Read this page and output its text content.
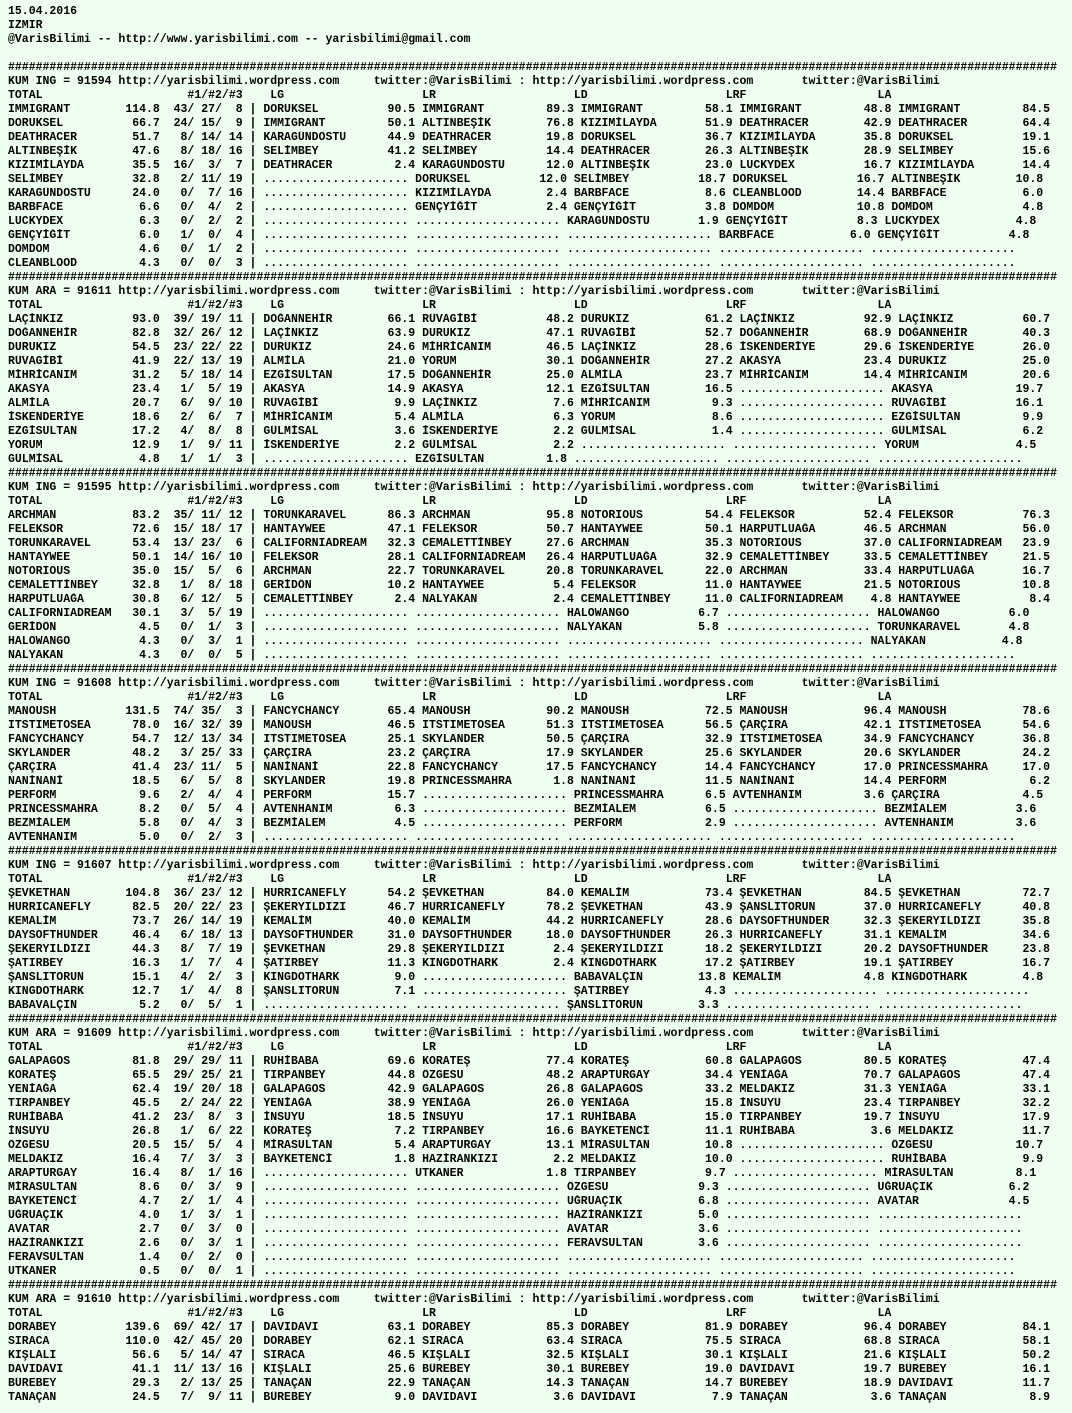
15.04.2016
IZMIR
@VarisBilimi -- http://www.yarisbilimi.com -- yarisbilimi@gmail.com

########################################################################################################################################################
KUM ING = 91594 http://yarisbilimi.wordpress.com     twitter:@VarisBilimi : http://yarisbilimi.wordpress.com       twitter:@VarisBilimi
TOTAL                     #1/#2/#3    LG                    LR                    LD                    LRF                   LA
IMMIGRANT        114.8  43/ 27/  8 | DORUKSEL          90.5 IMMIGRANT         89.3 IMMIGRANT         58.1 IMMIGRANT         48.8 IMMIGRANT         84.5
DORUKSEL          66.7  24/ 15/  9 | IMMIGRANT         50.1 ALTINBEŞİK        76.8 KIZIMİLAYDA       51.9 DEATHRACER        42.9 DEATHRACER        64.4
DEATHRACER        51.7   8/ 14/ 14 | KARAGÜNDOSTU      44.9 DEATHRACER        19.8 DORUKSEL          36.7 KIZIMİLAYDA       35.8 DORUKSEL          19.1
ALTINBEŞİK        47.6   8/ 18/ 16 | SELİMBEY          41.2 SELİMBEY          14.4 DEATHRACER        26.3 ALTINBEŞİK        28.9 SELİMBEY          15.6
KIZIMİLAYDA       35.5  16/  3/  7 | DEATHRACER         2.4 KARAGÜNDOSTU      12.0 ALTINBEŞİK        23.0 LUCKYDEX          16.7 KIZIMİLAYDA       14.4
SELİMBEY          32.8   2/ 11/ 19 | ..................... DORUKSEL          12.0 SELİMBEY          18.7 DORUKSEL          16.7 ALTINBEŞİK        10.8
KARAGÜNDOSTU      24.0   0/  7/ 16 | ..................... KIZIMİLAYDA        2.4 BARBFACE           8.6 CLEANBLOOD        14.4 BARBFACE           6.0
BARBFACE           6.6   0/  4/  2 | ..................... GENÇYİĞİT          2.4 GENÇYİĞİT          3.8 DOMDOM            10.8 DOMDOM             4.8
LUCKYDEX           6.3   0/  2/  2 | ..................... ..................... KARAGÜNDOSTU       1.9 GENÇYİĞİT          8.3 LUCKYDEX           4.8
GENÇYİĞİT          6.0   1/  0/  4 | ..................... ..................... ..................... BARBFACE           6.0 GENÇYİĞİT          4.8
DOMDOM             4.6   0/  1/  2 | ..................... ..................... ..................... ..................... .....................
CLEANBLOOD         4.3   0/  0/  3 | ..................... ..................... ..................... ..................... .....................
########################################################################################################################################################
KUM ARA = 91611 http://yarisbilimi.wordpress.com     twitter:@VarisBilimi : http://yarisbilimi.wordpress.com       twitter:@VarisBilimi
TOTAL                     #1/#2/#3    LG                    LR                    LD                    LRF                   LA
LAÇİNKIZ          93.0  39/ 19/ 11 | DOĞANNEHİR        66.1 RÜVAGİBİ          48.2 DURUKIZ           61.2 LAÇİNKIZ          92.9 LAÇİNKIZ          60.7
DOĞANNEHİR        82.8  32/ 26/ 12 | LAÇİNKIZ          63.9 DURUKIZ           47.1 RÜVAGİBİ          52.7 DOĞANNEHİR        68.9 DOĞANNEHİR        40.3
DURUKIZ           54.5  23/ 22/ 22 | DURUKIZ           24.6 MİHRİCANIM        46.5 LAÇİNKIZ          28.6 İSKENDERİYE       29.6 İSKENDERİYE       26.0
RÜVAGİBİ          41.9  22/ 13/ 19 | ALMİLA            21.0 YORUM             30.1 DOĞANNEHİR        27.2 AKASYA            23.4 DURUKIZ           25.0
MİHRİCANIM        31.2   5/ 18/ 14 | EZGİSULTAN        17.5 DOĞANNEHİR        25.0 ALMİLA            23.7 MİHRİCANIM        14.4 MİHRİCANIM        20.6
AKASYA            23.4   1/  5/ 19 | AKASYA            14.9 AKASYA            12.1 EZGİSULTAN        16.5 ..................... AKASYA            19.7
ALMİLA            20.7   6/  9/ 10 | RÜVAGİBİ           9.9 LAÇİNKIZ           7.6 MİHRİCANIM         9.3 ..................... RÜVAGİBİ          16.1
İSKENDERİYE       18.6   2/  6/  7 | MİHRİCANIM         5.4 ALMİLA             6.3 YORUM              8.6 ..................... EZGİSULTAN         9.9
EZGİSULTAN        17.2   4/  8/  8 | GÜLMİSAL           3.6 İSKENDERİYE        2.2 GÜLMİSAL           1.4 ..................... GÜLMİSAL           6.2
YORUM             12.9   1/  9/ 11 | İSKENDERİYE        2.2 GÜLMİSAL           2.2 ..................... ..................... YORUM              4.5
GÜLMİSAL           4.8   1/  1/  3 | ..................... EZGİSULTAN         1.8 ..................... ..................... .....................
########################################################################################################################################################
KUM ING = 91595 http://yarisbilimi.wordpress.com     twitter:@VarisBilimi : http://yarisbilimi.wordpress.com       twitter:@VarisBilimi
TOTAL                     #1/#2/#3    LG                    LR                    LD                    LRF                   LA
ARCHMAN           83.2  35/ 11/ 12 | TORUNKARAVEL      86.3 ARCHMAN           95.8 NOTORIOUS         54.4 FELEKSOR          52.4 FELEKSOR          76.3
FELEKSOR          72.6  15/ 18/ 17 | HANTAYWEE         47.1 FELEKSOR          50.7 HANTAYWEE         50.1 HARPUTLUAĞA       46.5 ARCHMAN           56.0
TORUNKARAVEL      53.4  13/ 23/  6 | CALIFORNIADREAM   32.3 CEMALETTİNBEY     27.6 ARCHMAN           35.3 NOTORIOUS         37.0 CALIFORNIADREAM   23.9
HANTAYWEE         50.1  14/ 16/ 10 | FELEKSOR          28.1 CALIFORNIADREAM   26.4 HARPUTLUAĞA       32.9 CEMALETTİNBEY     33.5 CEMALETTİNBEY     21.5
NOTORIOUS         35.0  15/  5/  6 | ARCHMAN           22.7 TORUNKARAVEL      20.8 TORUNKARAVEL      22.0 ARCHMAN           33.4 HARPUTLUAĞA       16.7
CEMALETTİNBEY     32.8   1/  8/ 18 | GERİDÖN           10.2 HANTAYWEE          5.4 FELEKSOR          11.0 HANTAYWEE         21.5 NOTORIOUS         10.8
HARPUTLUAĞA       30.8   6/ 12/  5 | CEMALETTİNBEY      2.4 NALYAKAN           2.4 CEMALETTİNBEY     11.0 CALIFORNIADREAM    4.8 HANTAYWEE          8.4
CALIFORNIADREAM   30.1   3/  5/ 19 | ..................... ..................... HALOWANGO          6.7 ..................... HALOWANGO          6.0
GERİDÖN            4.5   0/  1/  3 | ..................... ..................... NALYAKAN           5.8 ..................... TORUNKARAVEL       4.8
HALOWANGO          4.3   0/  3/  1 | ..................... ..................... ..................... ..................... NALYAKAN           4.8
NALYAKAN           4.3   0/  0/  5 | ..................... ..................... ..................... ..................... .....................
########################################################################################################################################################
KUM ING = 91608 http://yarisbilimi.wordpress.com     twitter:@VarisBilimi : http://yarisbilimi.wordpress.com       twitter:@VarisBilimi
TOTAL                     #1/#2/#3    LG                    LR                    LD                    LRF                   LA
MANOUSH          131.5  74/ 35/  3 | FANCYCHANCY       65.4 MANOUSH           90.2 MANOUSH           72.5 MANOUSH           96.4 MANOUSH           78.6
ITSTIMETOSEA      78.0  16/ 32/ 39 | MANOUSH           46.5 ITSTIMETOSEA      51.3 ITSTIMETOSEA      56.5 ÇARÇIRA           42.1 ITSTIMETOSEA      54.6
FANCYCHANCY       54.7  12/ 13/ 34 | ITSTIMETOSEA      25.1 SKYLANDER         50.5 ÇARÇIRA           32.9 ITSTIMETOSEA      34.9 FANCYCHANCY       36.8
SKYLANDER         48.2   3/ 25/ 33 | ÇARÇIRA           23.2 ÇARÇIRA           17.9 SKYLANDER         25.6 SKYLANDER         20.6 SKYLANDER         24.2
ÇARÇIRA           41.4  23/ 11/  5 | NANİNANİ          22.8 FANCYCHANCY       17.5 FANCYCHANCY       14.4 FANCYCHANCY       17.0 PRINCESSMAHRA     17.0
NANİNANİ          18.5   6/  5/  8 | SKYLANDER         19.8 PRINCESSMAHRA      1.8 NANİNANİ          11.5 NANİNANİ          14.4 PERFORM            6.2
PERFORM            9.6   2/  4/  4 | PERFORM           15.7 ..................... PRINCESSMAHRA      6.5 AVTENHANIM         3.6 ÇARÇIRA            4.5
PRINCESSMAHRA      8.2   0/  5/  4 | AVTENHANIM         6.3 ..................... BEZMİALEM          6.5 ..................... BEZMİALEM          3.6
BEZMİALEM          5.8   0/  4/  3 | BEZMİALEM          4.5 ..................... PERFORM            2.9 ..................... AVTENHANIM         3.6
AVTENHANIM         5.0   0/  2/  3 | ..................... ..................... ..................... ..................... .....................
########################################################################################################################################################
KUM ING = 91607 http://yarisbilimi.wordpress.com     twitter:@VarisBilimi : http://yarisbilimi.wordpress.com       twitter:@VarisBilimi
TOTAL                     #1/#2/#3    LG                    LR                    LD                    LRF                   LA
ŞEVKETHAN        104.8  36/ 23/ 12 | HURRICANEFLY      54.2 ŞEVKETHAN         84.0 KEMALİM           73.4 ŞEVKETHAN         84.5 ŞEVKETHAN         72.7
HURRICANEFLY      82.5  20/ 22/ 23 | ŞEKERYILDIZI      46.7 HURRICANEFLY      78.2 ŞEVKETHAN         43.9 ŞANSLITORUN       37.0 HURRICANEFLY      40.8
KEMALİM           73.7  26/ 14/ 19 | KEMALİM           40.0 KEMALİM           44.2 HURRICANEFLY      28.6 DAYSOFTHUNDER     32.3 ŞEKERYILDIZI      35.8
DAYSOFTHUNDER     46.4   6/ 18/ 13 | DAYSOFTHUNDER     31.0 DAYSOFTHUNDER     18.0 DAYSOFTHUNDER     26.3 HURRICANEFLY      31.1 KEMALİM           34.6
ŞEKERYILDIZI      44.3   8/  7/ 19 | ŞEVKETHAN         29.8 ŞEKERYILDIZI       2.4 ŞEKERYILDIZI      18.2 ŞEKERYILDIZI      20.2 DAYSOFTHUNDER     23.8
ŞATIRBEY          16.3   1/  7/  4 | ŞATIRBEY          11.3 KINGDOTHARK        2.4 KINGDOTHARK       17.2 ŞATIRBEY          19.1 ŞATIRBEY          16.7
ŞANSLITORUN       15.1   4/  2/  3 | KINGDOTHARK        9.0 ..................... BABAVALÇIN        13.8 KEMALİM            4.8 KINGDOTHARK        4.8
KINGDOTHARK       12.7   1/  4/  8 | ŞANSLITORUN        7.1 ..................... ŞATIRBEY           4.3 ..................... .....................
BABAVALÇIN         5.2   0/  5/  1 | ..................... ..................... ŞANSLITORUN        3.3 ..................... .....................
########################################################################################################################################################
KUM ARA = 91609 http://yarisbilimi.wordpress.com     twitter:@VarisBilimi : http://yarisbilimi.wordpress.com       twitter:@VarisBilimi
TOTAL                     #1/#2/#3    LG                    LR                    LD                    LRF                   LA
GALAPAGOS         81.8  29/ 29/ 11 | RUHİBABA          69.6 KORATEŞ           77.4 KORATEŞ           60.8 GALAPAGOS         80.5 KORATEŞ           47.4
KORATEŞ           65.5  29/ 25/ 21 | TIRPANBEY         44.8 ÖZGESU            48.2 ARAPTURGAY        34.4 YENİAĞA           70.7 GALAPAGOS         47.4
YENİAĞA           62.4  19/ 20/ 18 | GALAPAGOS         42.9 GALAPAGOS         26.8 GALAPAGOS         33.2 MELDAKIZ          31.3 YENİAĞA           33.1
TIRPANBEY         45.5   2/ 24/ 22 | YENİAĞA           38.9 YENİAĞA           26.0 YENİAĞA           15.8 İNSUYU            23.4 TIRPANBEY         32.2
RUHİBABA          41.2  23/  8/  3 | İNSUYU            18.5 İNSUYU            17.1 RUHİBABA          15.0 TIRPANBEY         19.7 İNSUYU            17.9
İNSUYU            26.8   1/  6/ 22 | KORATEŞ            7.2 TIRPANBEY         16.6 BAYKETENCİ        11.1 RUHİBABA           3.6 MELDAKIZ          11.7
ÖZGESU            20.5  15/  5/  4 | MİRASULTAN         5.4 ARAPTURGAY        13.1 MİRASULTAN        10.8 ..................... ÖZGESU            10.7
MELDAKIZ          16.4   7/  3/  3 | BAYKETENCİ         1.8 HAZİRANKIZI        2.2 MELDAKIZ          10.0 ..................... RUHİBABA           9.9
ARAPTURGAY        16.4   8/  1/ 16 | ..................... UTKANER            1.8 TIRPANBEY          9.7 ..................... MİRASULTAN         8.1
MİRASULTAN         8.6   0/  3/  9 | ..................... ..................... ÖZGESU             9.3 ..................... UĞRUAÇIK           6.2
BAYKETENCİ         4.7   2/  1/  4 | ..................... ..................... UĞRUAÇIK           6.8 ..................... AVATAR             4.5
UĞRUAÇIK           4.0   1/  3/  1 | ..................... ..................... HAZİRANKIZI        5.0 ..................... .....................
AVATAR             2.7   0/  3/  0 | ..................... ..................... AVATAR             3.6 ..................... .....................
HAZİRANKIZI        2.6   0/  3/  1 | ..................... ..................... FERAVSULTAN        3.6 ..................... .....................
FERAVSULTAN        1.4   0/  2/  0 | ..................... ..................... ..................... ..................... .....................
UTKANER            0.5   0/  0/  1 | ..................... ..................... ..................... ..................... .....................
########################################################################################################################################################
KUM ARA = 91610 http://yarisbilimi.wordpress.com     twitter:@VarisBilimi : http://yarisbilimi.wordpress.com       twitter:@VarisBilimi
TOTAL                     #1/#2/#3    LG                    LR                    LD                    LRF                   LA
DORABEY          139.6  69/ 42/ 17 | DAVIDAVI          63.1 DORABEY           85.3 DORABEY           81.9 DORABEY           96.4 DORABEY           84.1
SIRACA           110.0  42/ 45/ 20 | DORABEY           62.1 SIRACA            63.4 SIRACA            75.5 SIRACA            68.8 SIRACA            58.1
KIŞLALI           56.6   5/ 14/ 47 | SIRACA            46.5 KIŞLALI           32.5 KIŞLALI           30.1 KIŞLALI           21.6 KIŞLALI           50.2
DAVIDAVI          41.1  11/ 13/ 16 | KIŞLALI           25.6 BÜREBEY           30.1 BÜREBEY           19.0 DAVIDAVI          19.7 BÜREBEY           16.1
BÜREBEY           29.3   2/ 13/ 25 | TANAÇAN           22.9 TANAÇAN           14.3 TANAÇAN           14.7 BÜREBEY           18.9 DAVIDAVI          11.7
TANAÇAN           24.5   7/  9/ 11 | BÜREBEY            9.0 DAVIDAVI           3.6 DAVIDAVI           7.9 TANAÇAN            3.6 TANAÇAN            8.9
